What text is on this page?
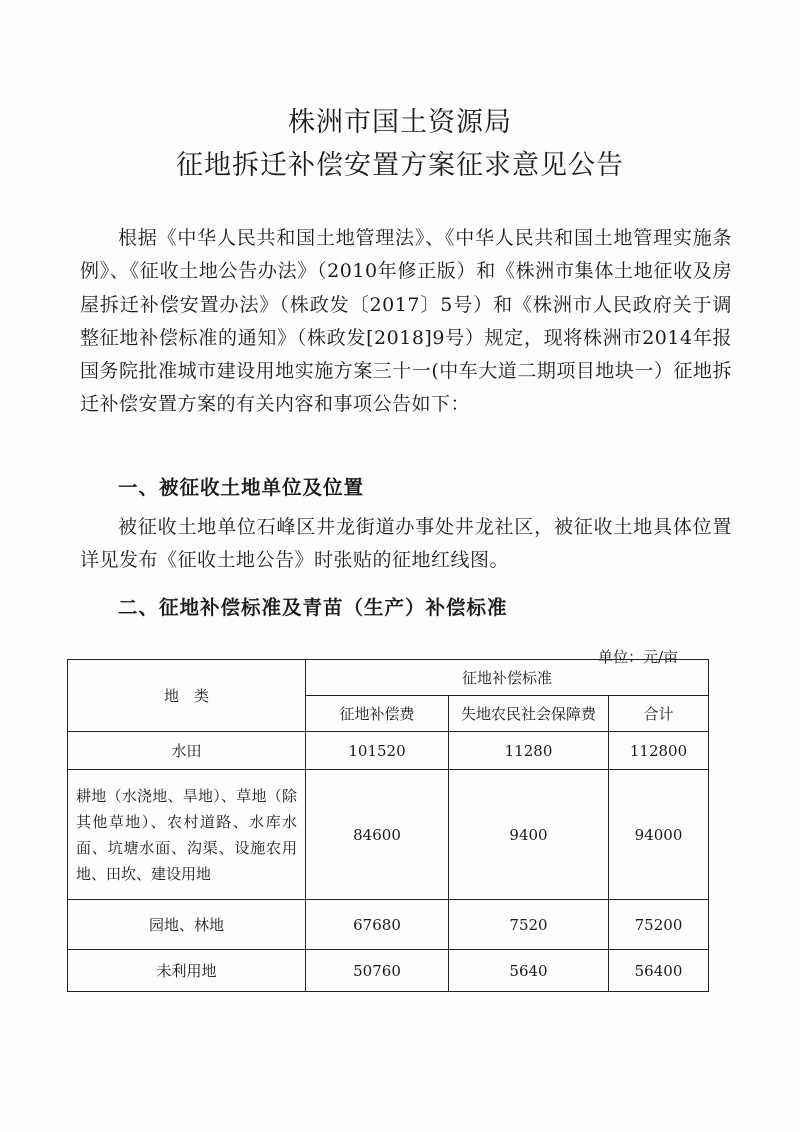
株洲市国土资源局
征地拆迁补偿安置方案征求意见公告

根据《中华人民共和国土地管理法》、《中华人民共和国土地管理实施条例》、《征收土地公告办法》（2010年修正版）和《株洲市集体土地征收及房屋拆迁补偿安置办法》（株政发〔2017〕5号）和《株洲市人民政府关于调整征地补偿标准的通知》（株政发[2018]9号）规定，现将株洲市2014年报国务院批准城市建设用地实施方案三十一(中车大道二期项目地块一）征地拆迁补偿安置方案的有关内容和事项公告如下：

一、被征收土地单位及位置

被征收土地单位石峰区井龙街道办事处井龙社区，被征收土地具体位置详见发布《征收土地公告》时张贴的征地红线图。

二、征地补偿标准及青苗（生产）补偿标准

单位：元/亩

地　类	征地补偿标准		
	征地补偿费	失地农民社会保障费	合计
水田	101520	11280	112800
耕地（水浇地、旱地）、草地（除其他草地）、农村道路、水库水面、坑塘水面、沟渠、设施农用地、田坎、建设用地	84600	9400	94000
园地、林地	67680	7520	75200
未利用地	50760	5640	56400
